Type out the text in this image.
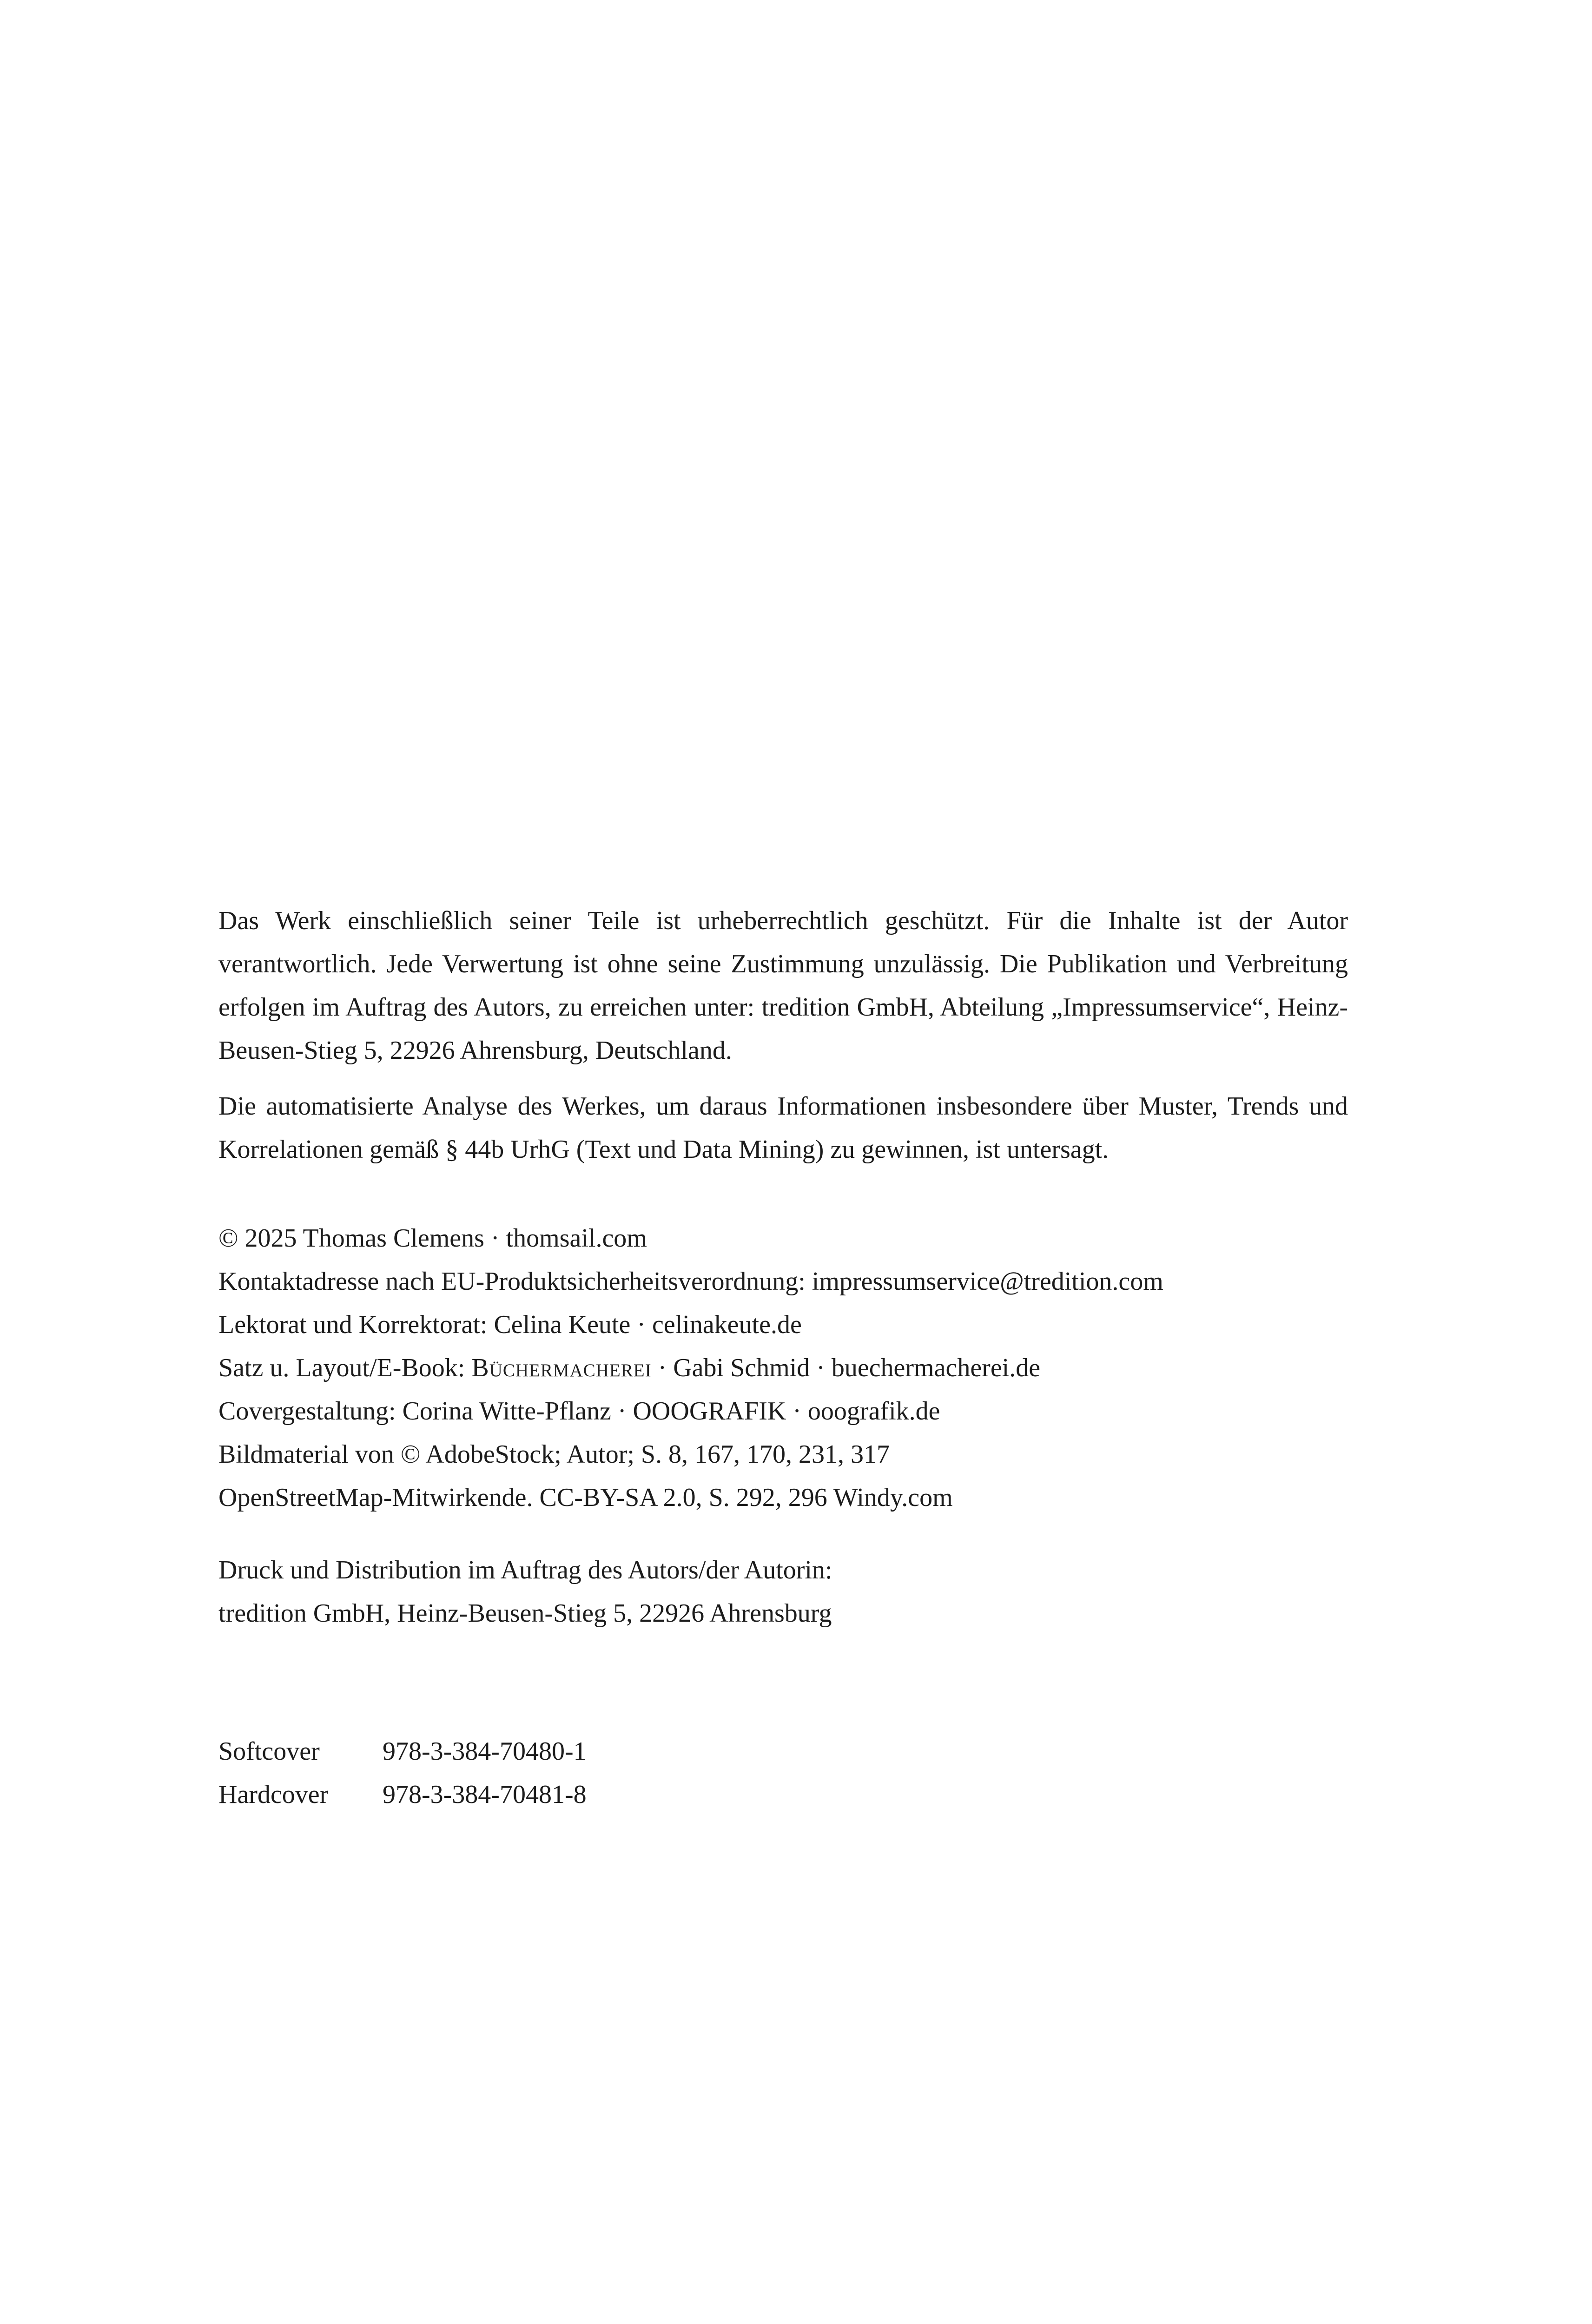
Das Werk einschließlich seiner Teile ist urheberrechtlich geschützt. Für die Inhalte ist der Autor verantwortlich. Jede Verwertung ist ohne seine Zustimmung unzulässig. Die Publikation und Verbreitung erfolgen im Auftrag des Autors, zu erreichen unter: tredition GmbH, Abteilung „Impressumservice“, Heinz-Beusen-Stieg 5, 22926 Ahrensburg, Deutschland.

Die automatisierte Analyse des Werkes, um daraus Informationen insbesondere über Muster, Trends und Korrelationen gemäß § 44b UrhG (Text und Data Mining) zu gewinnen, ist untersagt.

© 2025 Thomas Clemens · thomsail.com
Kontaktadresse nach EU-Produktsicherheitsverordnung: impressumservice@tredition.com
Lektorat und Korrektorat: Celina Keute · celinakeute.de
Satz u. Layout/E-Book: Büchermacherei · Gabi Schmid · buechermacherei.de
Covergestaltung: Corina Witte-Pflanz · OOOGRAFIK · ooografik.de
Bildmaterial von © AdobeStock; Autor; S. 8, 167, 170, 231, 317
OpenStreetMap-Mitwirkende. CC-BY-SA 2.0, S. 292, 296 Windy.com
Druck und Distribution im Auftrag des Autors/der Autorin:
tredition GmbH, Heinz-Beusen-Stieg 5, 22926 Ahrensburg
Softcover	978-3-384-70480-1
Hardcover	978-3-384-70481-8
